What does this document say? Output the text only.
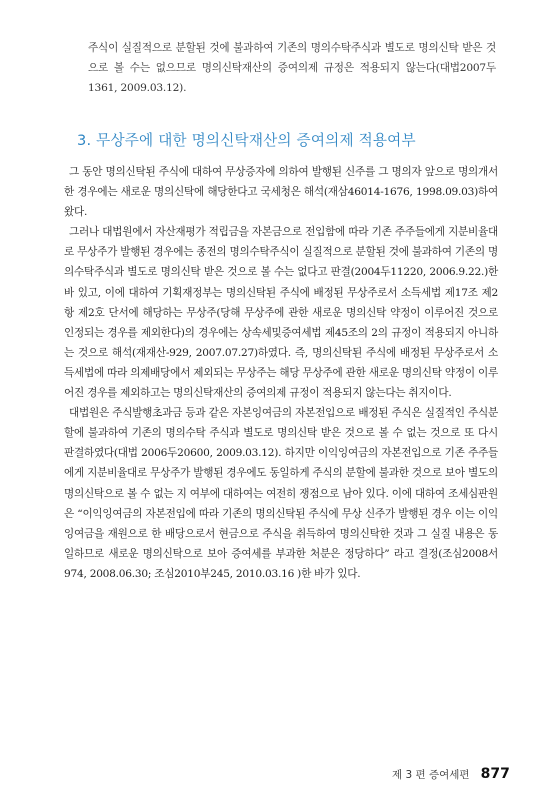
주식이 실질적으로 분할된 것에 불과하여 기존의 명의수탁주식과 별도로 명의신탁 받은 것으로 볼 수는 없으므로 명의신탁재산의 증여의제 규정은 적용되지 않는다(대법2007두1361, 2009.03.12).
3. 무상주에 대한 명의신탁재산의 증여의제 적용여부

그 동안 명의신탁된 주식에 대하여 무상증자에 의하여 발행된 신주를 그 명의자 앞으로 명의개서한 경우에는 새로운 명의신탁에 해당한다고 국세청은 해석(재삼46014-1676, 1998.09.03)하여 왔다.

그러나 대법원에서 자산재평가 적립금을 자본금으로 전입함에 따라 기존 주주들에게 지분비율대로 무상주가 발행된 경우에는 종전의 명의수탁주식이 실질적으로 분할된 것에 불과하여 기존의 명의수탁주식과 별도로 명의신탁 받은 것으로 볼 수는 없다고 판결(2004두11220, 2006.9.22.)한 바 있고, 이에 대하여 기획재정부는 명의신탁된 주식에 배정된 무상주로서 소득세법 제17조 제2항 제2호 단서에 해당하는 무상주(당해 무상주에 관한 새로운 명의신탁 약정이 이루어진 것으로 인정되는 경우를 제외한다)의 경우에는 상속세및증여세법 제45조의 2의 규정이 적용되지 아니하는 것으로 해석(재재산-929, 2007.07.27)하였다. 즉, 명의신탁된 주식에 배정된 무상주로서 소득세법에 따라 의제배당에서 제외되는 무상주는 해당 무상주에 관한 새로운 명의신탁 약정이 이루어진 경우를 제외하고는 명의신탁재산의 증여의제 규정이 적용되지 않는다는 취지이다.

대법원은 주식발행초과금 등과 같은 자본잉여금의 자본전입으로 배정된 주식은 실질적인 주식분할에 불과하여 기존의 명의수탁 주식과 별도로 명의신탁 받은 것으로 볼 수 없는 것으로 또 다시 판결하였다(대법 2006두20600, 2009.03.12). 하지만 이익잉여금의 자본전입으로 기존 주주들에게 지분비율대로 무상주가 발행된 경우에도 동일하게 주식의 분할에 불과한 것으로 보아 별도의 명의신탁으로 볼 수 없는 지 여부에 대하여는 여전히 쟁점으로 남아 있다. 이에 대하여 조세심판원은 “이익잉여금의 자본전입에 따라 기존의 명의신탁된 주식에 무상 신주가 발행된 경우 이는 이익잉여금을 재원으로 한 배당으로서 현금으로 주식을 취득하여 명의신탁한 것과 그 실질 내용은 동일하므로 새로운 명의신탁으로 보아 증여세를 부과한 처분은 정당하다” 라고 결정(조심2008서974, 2008.06.30; 조심2010부245, 2010.03.16 )한 바가 있다.

제 3 편 증여세편 877
